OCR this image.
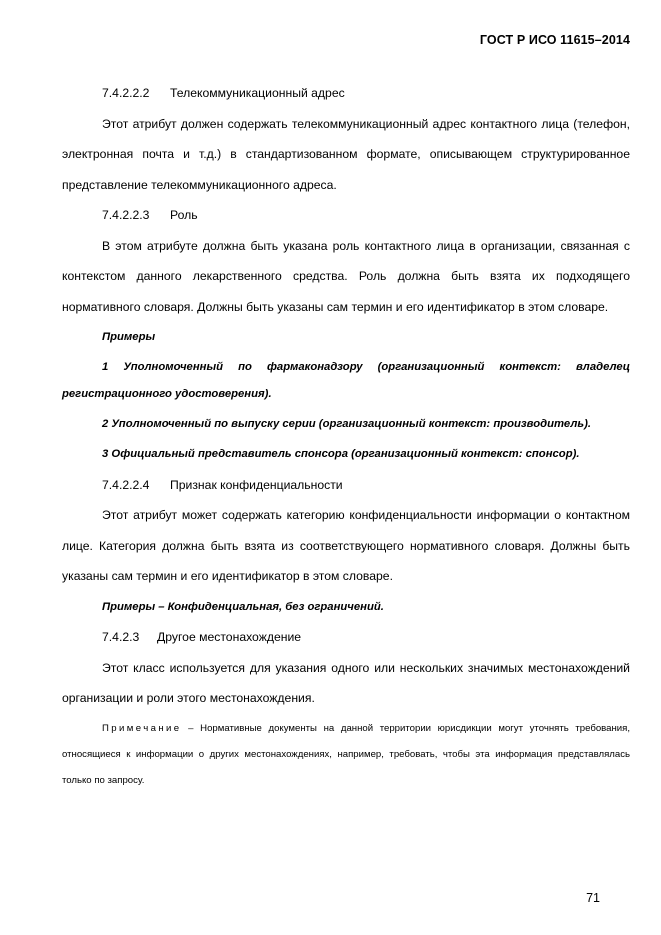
ГОСТ Р ИСО 11615–2014
7.4.2.2.2 Телекоммуникационный адрес

Этот атрибут должен содержать телекоммуникационный адрес контактного лица (телефон, электронная почта и т.д.) в стандартизованном формате, описывающем структурированное представление телекоммуникационного адреса.

7.4.2.2.3 Роль

В этом атрибуте должна быть указана роль контактного лица в организации, связанная с контекстом данного лекарственного средства. Роль должна быть взята их подходящего нормативного словаря. Должны быть указаны сам термин и его идентификатор в этом словаре.

Примеры

1 Уполномоченный по фармаконадзору (организационный контекст: владелец регистрационного удостоверения).

2 Уполномоченный по выпуску серии (организационный контекст: производитель).

3 Официальный представитель спонсора (организационный контекст: спонсор).

7.4.2.2.4 Признак конфиденциальности

Этот атрибут может содержать категорию конфиденциальности информации о контактном лице. Категория должна быть взята из соответствующего нормативного словаря. Должны быть указаны сам термин и его идентификатор в этом словаре.

Примеры – Конфиденциальная, без ограничений.
7.4.2.3 Другое местонахождение

Этот класс используется для указания одного или нескольких значимых местонахождений организации и роли этого местонахождения.

Примечание – Нормативные документы на данной территории юрисдикции могут уточнять требования, относящиеся к информации о других местонахождениях, например, требовать, чтобы эта информация представлялась только по запросу.

71
